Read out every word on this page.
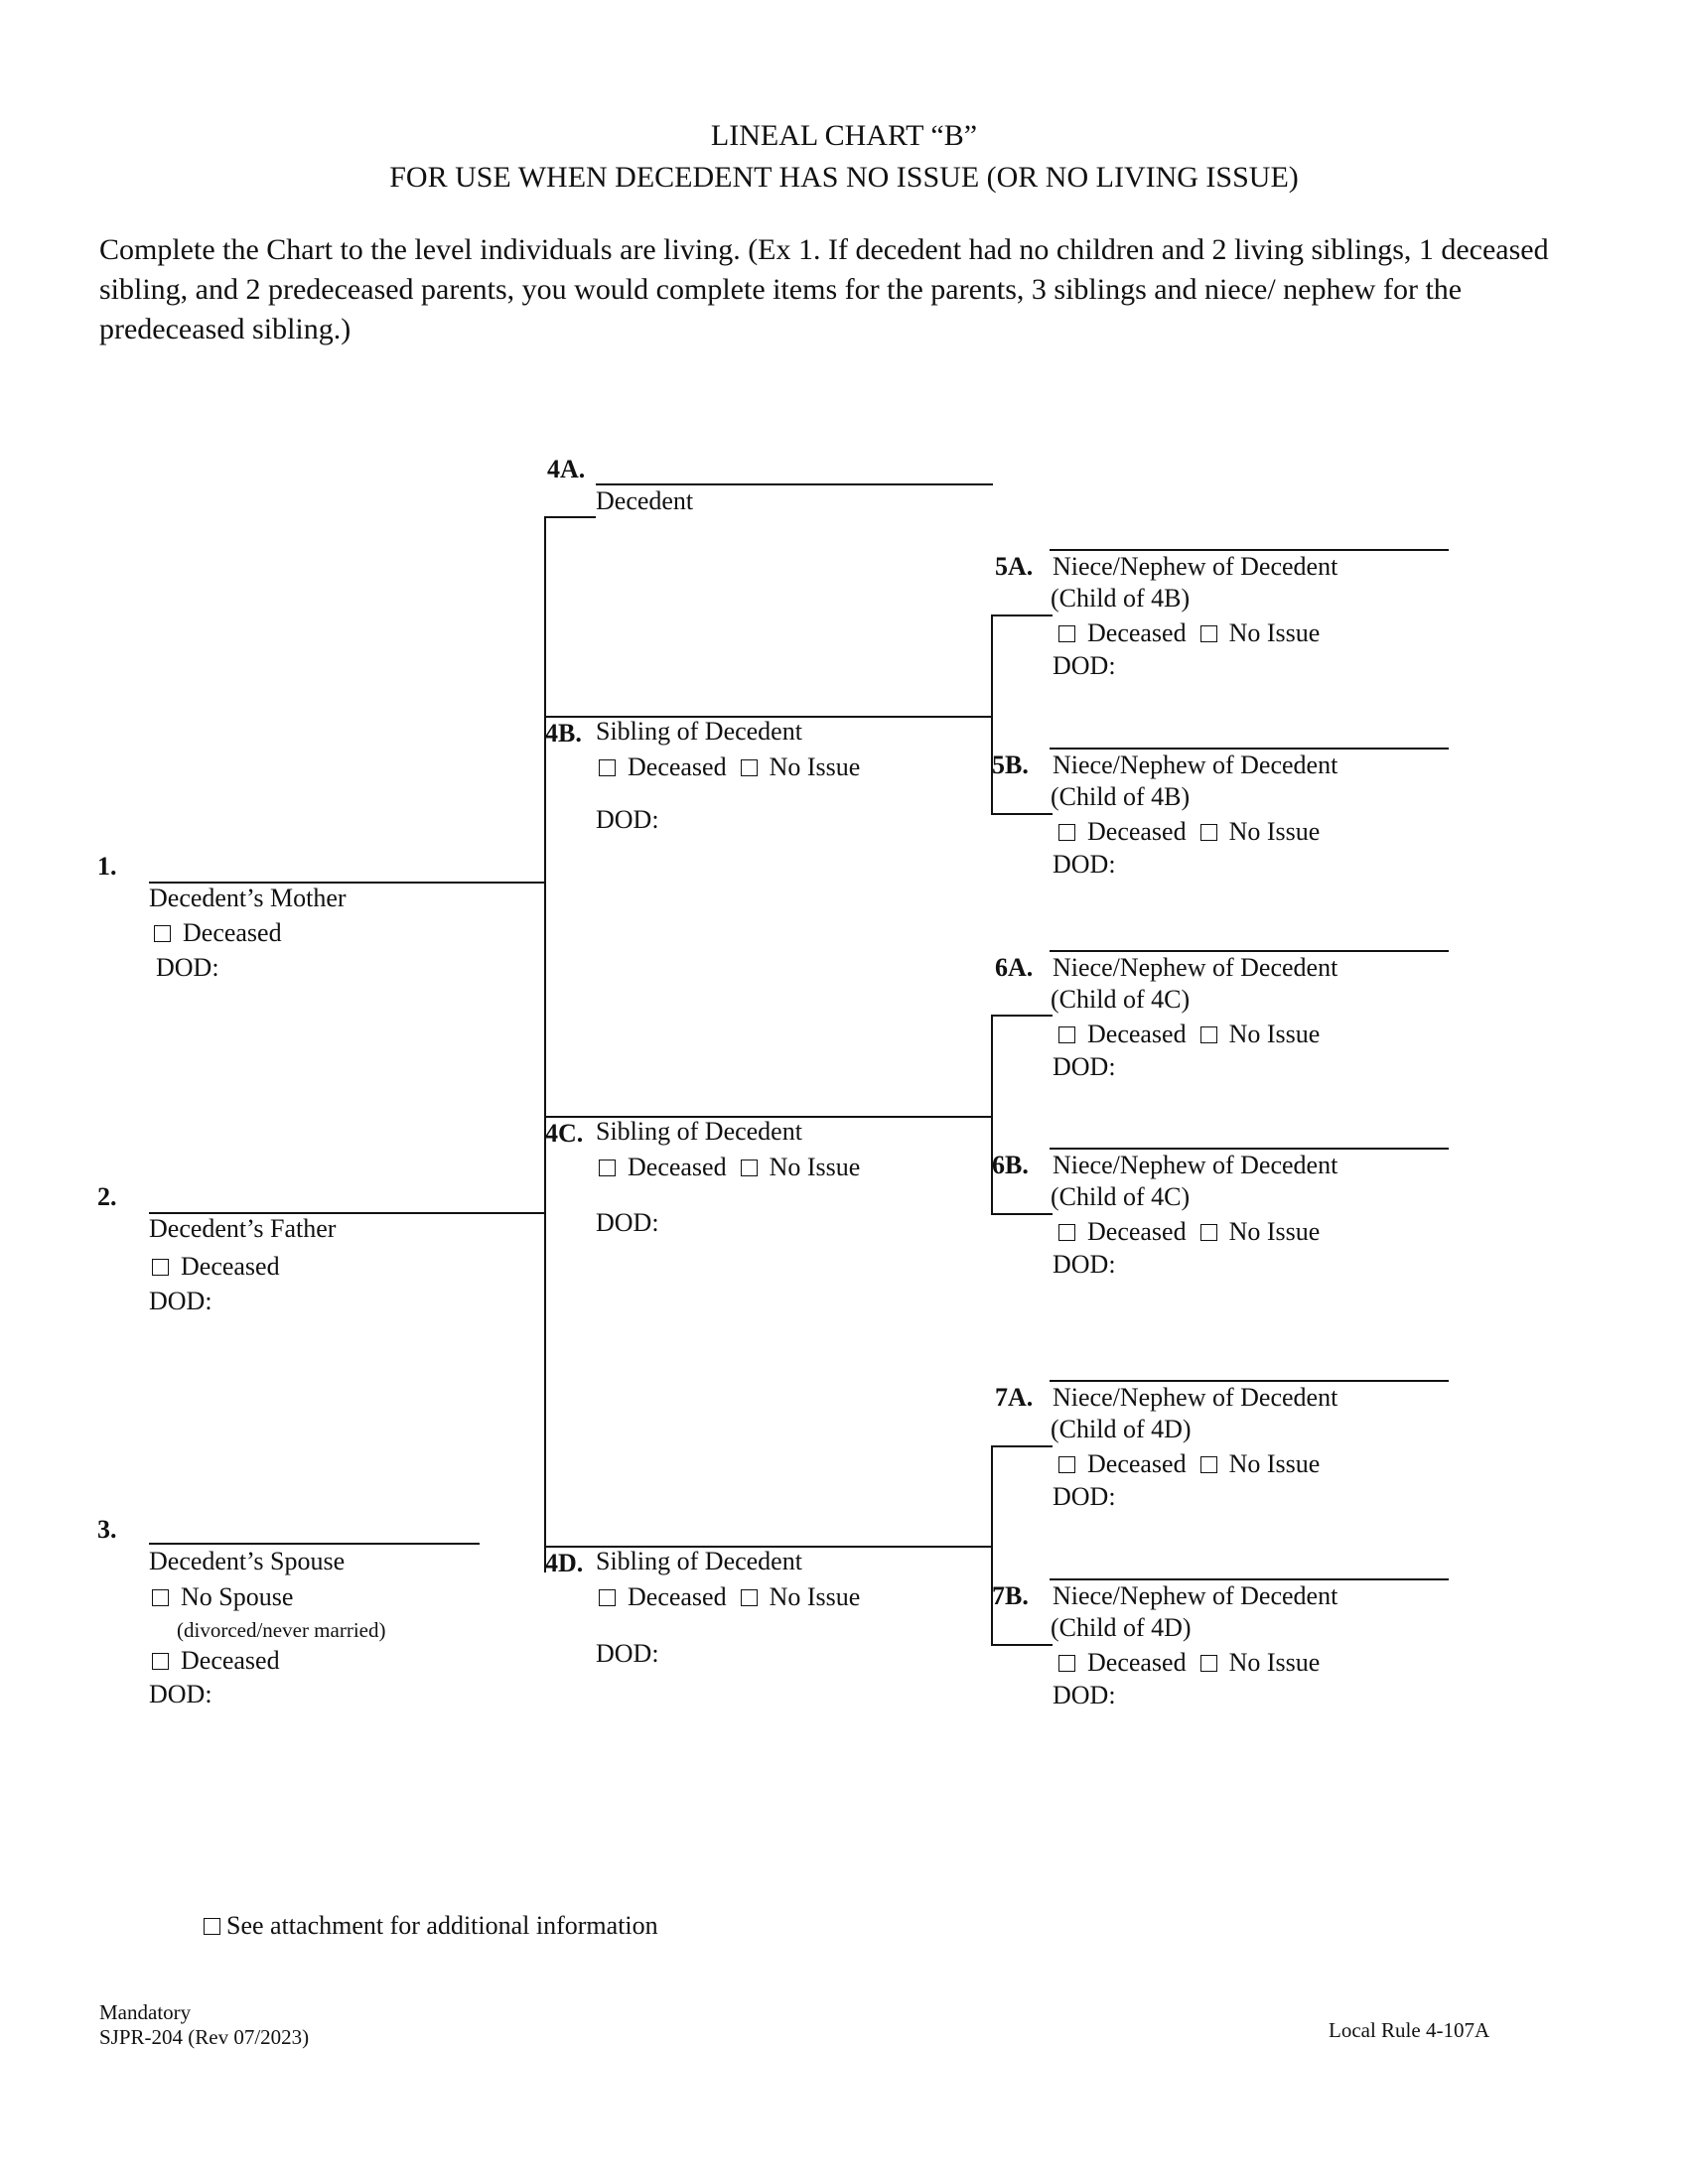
LINEAL CHART “B”
FOR USE WHEN DECEDENT HAS NO ISSUE (OR NO LIVING ISSUE)
Complete the Chart to the level individuals are living. (Ex 1. If decedent had no children and 2 living siblings, 1 deceased sibling, and 2 predeceased parents, you would complete items for the parents, 3 siblings and niece/ nephew for the predeceased sibling.)
1.
Decedent’s Mother
Deceased
DOD:
2.
Decedent’s Father
Deceased
DOD:
3.
Decedent’s Spouse
No Spouse
(divorced/never married)
Deceased
DOD:
4A.
Decedent
4B. Sibling of Decedent
Deceased No Issue
DOD:
4C. Sibling of Decedent
Deceased No Issue
DOD:
4D. Sibling of Decedent
Deceased No Issue
DOD:
5A. Niece/Nephew of Decedent
(Child of 4B)
Deceased No Issue
DOD:
5B. Niece/Nephew of Decedent
(Child of 4B)
Deceased No Issue
DOD:
6A. Niece/Nephew of Decedent
(Child of 4C)
Deceased No Issue
DOD:
6B. Niece/Nephew of Decedent
(Child of 4C)
Deceased No Issue
DOD:
7A. Niece/Nephew of Decedent
(Child of 4D)
Deceased No Issue
DOD:
7B. Niece/Nephew of Decedent
(Child of 4D)
Deceased No Issue
DOD:
See attachment for additional information
Mandatory
SJPR-204 (Rev 07/2023)	Local Rule 4-107A
